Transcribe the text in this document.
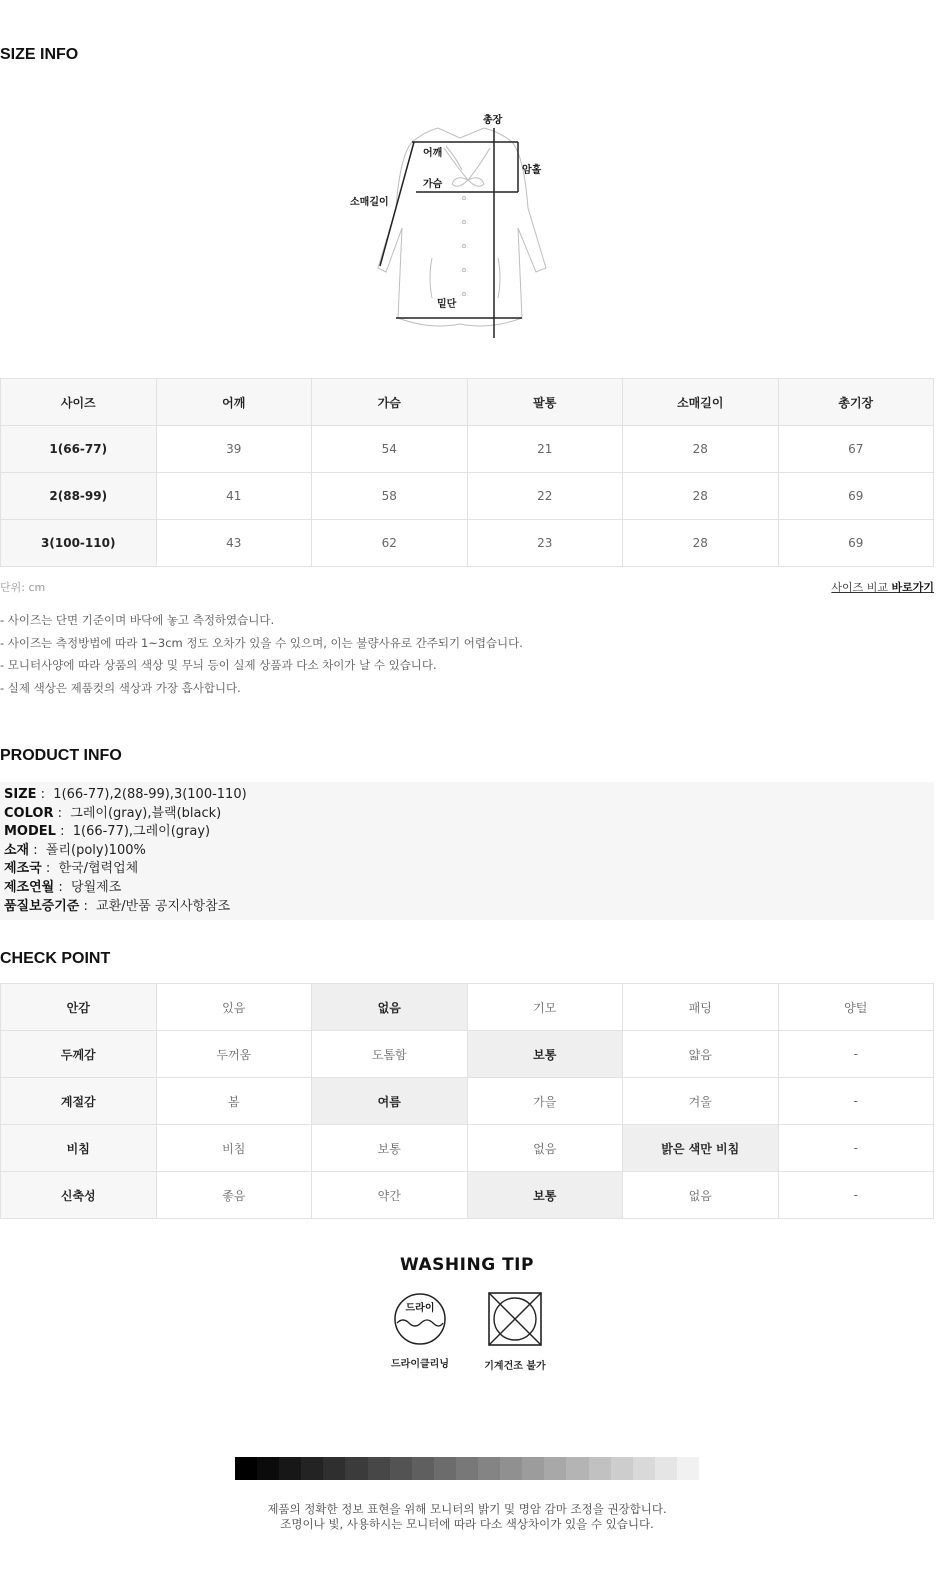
SIZE INFO
총장
어깨
가슴
암홀
소매길이
밑단
사이즈	어깨	가슴	팔통	소매길이	총기장
1(66-77)	39	54	21	28	67
2(88-99)	41	58	22	28	69
3(100-110)	43	62	23	28	69
단위: cm	사이즈 비교 바로가기
- 사이즈는 단면 기준이며 바닥에 놓고 측정하였습니다.
- 사이즈는 측정방법에 따라 1~3cm 정도 오차가 있을 수 있으며, 이는 불량사유로 간주되기 어렵습니다.
- 모니터사양에 따라 상품의 색상 및 무늬 등이 실제 상품과 다소 차이가 날 수 있습니다.
- 실제 색상은 제품컷의 색상과 가장 흡사합니다.
PRODUCT INFO
SIZE :  1(66-77),2(88-99),3(100-110)
COLOR :  그레이(gray),블랙(black)
MODEL :  1(66-77),그레이(gray)
소재 :  폴리(poly)100%
제조국 :  한국/협력업체
제조연월 :  당월제조
품질보증기준 :  교환/반품 공지사항참조
CHECK POINT
안감	있음	없음	기모	패딩	양털
두께감	두꺼움	도톰함	보통	얇음	-
계절감	봄	여름	가을	겨울	-
비침	비침	보통	없음	밝은 색만 비침	-
신축성	좋음	약간	보통	없음	-
WASHING TIP
드라이
드라이클리닝	기계건조 불가
제품의 정확한 정보 표현을 위해 모니터의 밝기 및 명암 감마 조정을 권장합니다.
조명이나 빛, 사용하시는 모니터에 따라 다소 색상차이가 있을 수 있습니다.
